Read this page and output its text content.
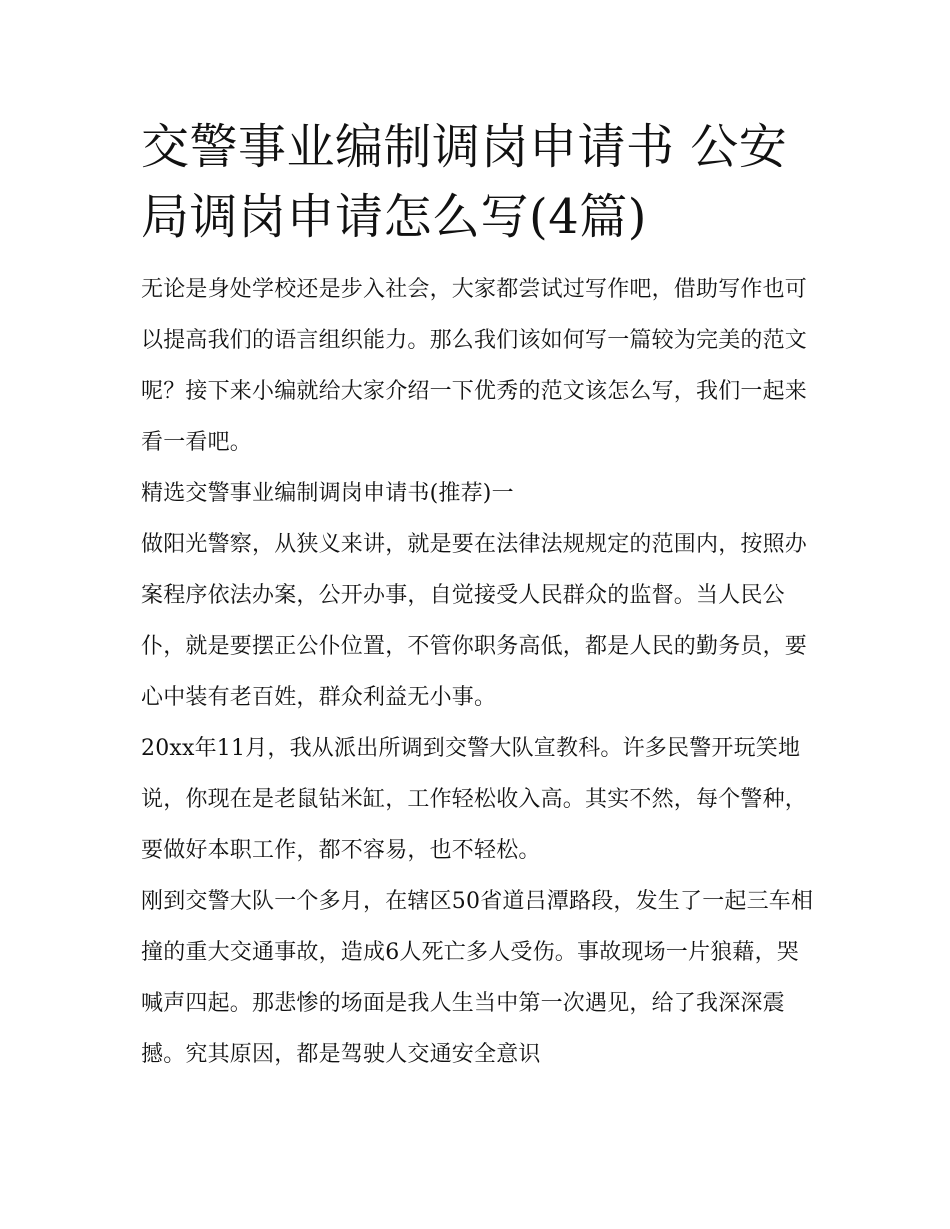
交警事业编制调岗申请书 公安局调岗申请怎么写(4篇)

无论是身处学校还是步入社会，大家都尝试过写作吧，借助写作也可以提高我们的语言组织能力。那么我们该如何写一篇较为完美的范文呢？接下来小编就给大家介绍一下优秀的范文该怎么写，我们一起来看一看吧。

精选交警事业编制调岗申请书(推荐)一

做阳光警察，从狭义来讲，就是要在法律法规规定的范围内，按照办案程序依法办案，公开办事，自觉接受人民群众的监督。当人民公仆，就是要摆正公仆位置，不管你职务高低，都是人民的勤务员，要心中装有老百姓，群众利益无小事。

20xx年11月，我从派出所调到交警大队宣教科。许多民警开玩笑地说，你现在是老鼠钻米缸，工作轻松收入高。其实不然，每个警种，要做好本职工作，都不容易，也不轻松。

刚到交警大队一个多月，在辖区50省道吕潭路段，发生了一起三车相撞的重大交通事故，造成6人死亡多人受伤。事故现场一片狼藉，哭喊声四起。那悲惨的场面是我人生当中第一次遇见，给了我深深震撼。究其原因，都是驾驶人交通安全意识
